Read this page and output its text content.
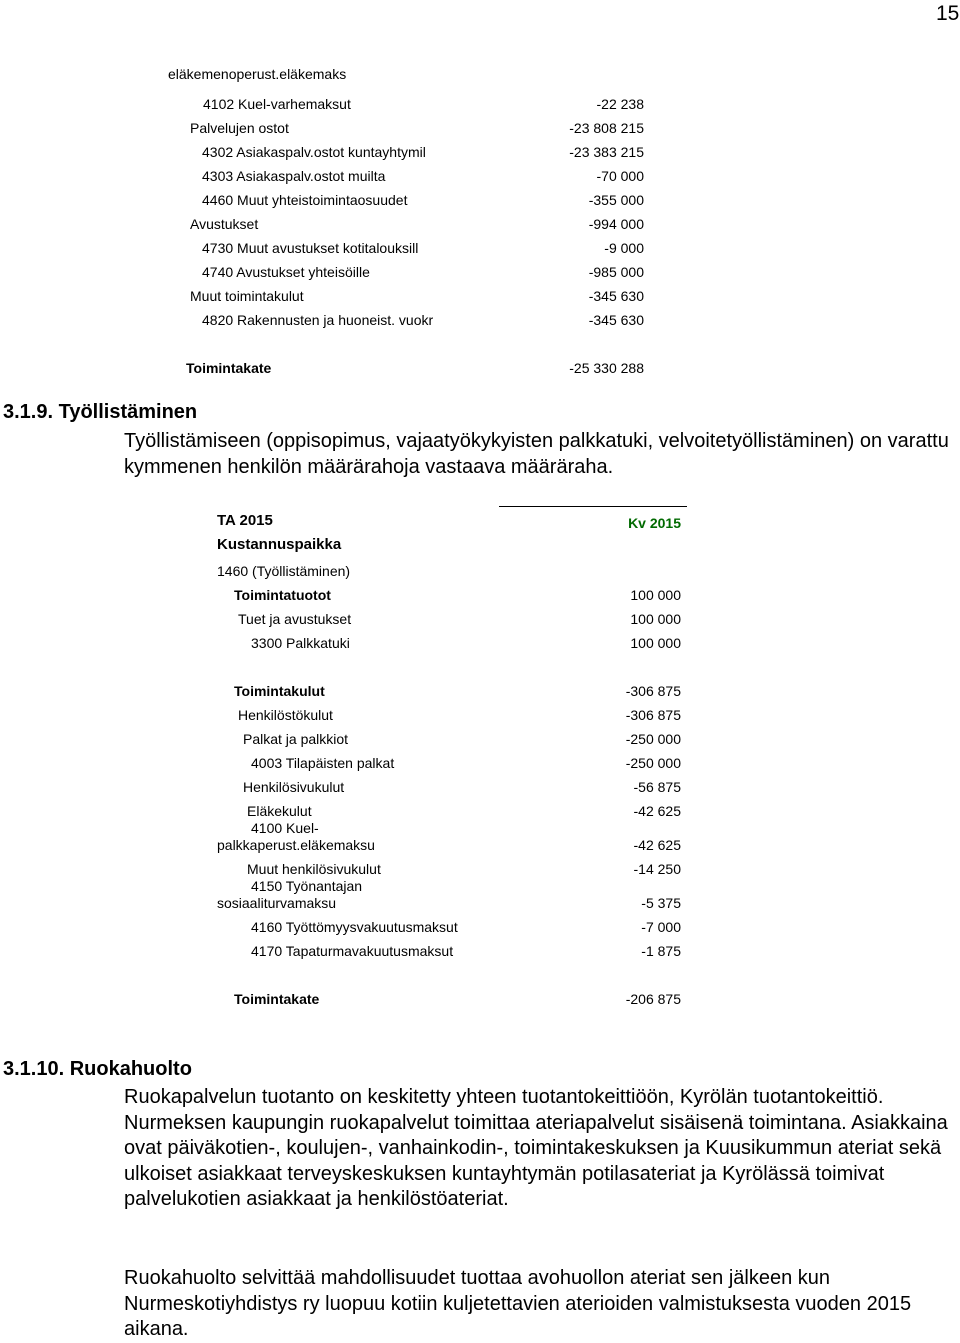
15
eläkemenoperust.eläkemaks
4102 Kuel-varhemaksut	-22 238
Palvelujen ostot	-23 808 215
4302 Asiakaspalv.ostot kuntayhtymil	-23 383 215
4303 Asiakaspalv.ostot muilta	-70 000
4460 Muut yhteistoimintaosuudet	-355 000
Avustukset	-994 000
4730 Muut avustukset kotitalouksill	-9 000
4740 Avustukset yhteisöille	-985 000
Muut toimintakulut	-345 630
4820 Rakennusten ja huoneist. vuokr	-345 630
Toimintakate	-25 330 288
3.1.9. Työllistäminen
Työllistämiseen (oppisopimus, vajaatyökykyisten palkkatuki, velvoitetyöllistäminen) on varattu kymmenen henkilön määrärahoja vastaava määräraha.
TA 2015	Kv 2015
Kustannuspaikka
1460 (Työllistäminen)
Toimintatuotot	100 000
Tuet ja avustukset	100 000
3300 Palkkatuki	100 000
Toimintakulut	-306 875
Henkilöstökulut	-306 875
Palkat ja palkkiot	-250 000
4003 Tilapäisten palkat	-250 000
Henkilösivukulut	-56 875
Eläkekulut	-42 625
4100 Kuel-
palkkaperust.eläkemaksu	-42 625
Muut henkilösivukulut	-14 250
4150 Työnantajan
sosiaaliturvamaksu	-5 375
4160 Työttömyysvakuutusmaksut	-7 000
4170 Tapaturmavakuutusmaksut	-1 875
Toimintakate	-206 875
3.1.10. Ruokahuolto
Ruokapalvelun tuotanto on keskitetty yhteen tuotantokeittiöön, Kyrölän tuotantokeittiö. Nurmeksen kaupungin ruokapalvelut toimittaa ateriapalvelut sisäisenä toimintana. Asiakkaina ovat päiväkotien-, koulujen-, vanhainkodin-, toimintakeskuksen ja Kuusikummun ateriat sekä ulkoiset asiakkaat terveyskeskuksen kuntayhtymän potilasateriat ja Kyrölässä toimivat palvelukotien asiakkaat ja henkilöstöateriat.
Ruokahuolto selvittää mahdollisuudet tuottaa avohuollon ateriat sen jälkeen kun Nurmeskotiyhdistys ry luopuu kotiin kuljetettavien aterioiden valmistuksesta vuoden 2015 aikana.
